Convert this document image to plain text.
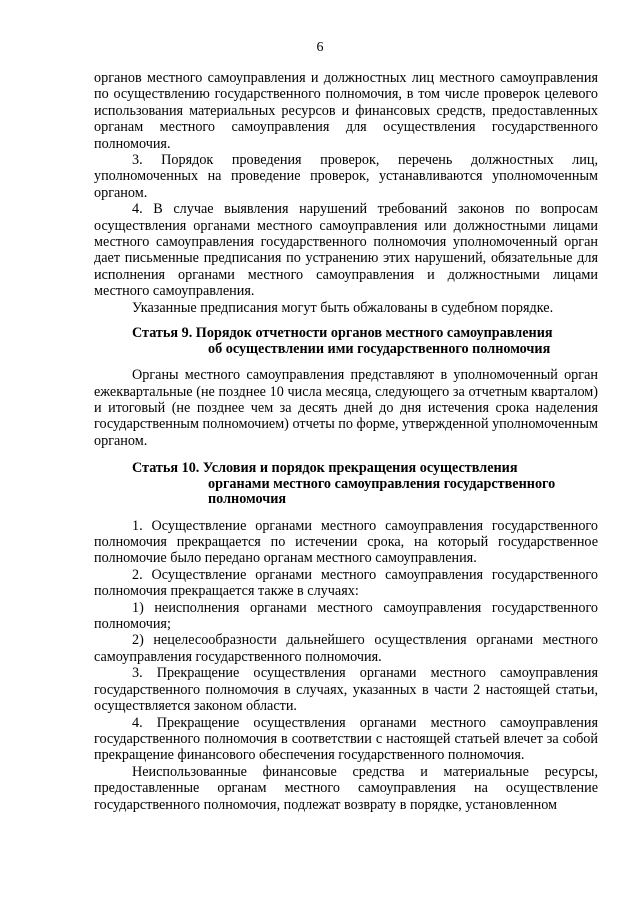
6

органов местного самоуправления и должностных лиц местного самоуправления по осуществлению государственного полномочия, в том числе проверок целевого использования материальных ресурсов и финансовых средств, предоставленных органам местного самоуправления для осуществления государственного полномочия.

3. Порядок проведения проверок, перечень должностных лиц, уполномоченных на проведение проверок, устанавливаются уполномоченным органом.

4. В случае выявления нарушений требований законов по вопросам осуществления органами местного самоуправления или должностными лицами местного самоуправления государственного полномочия уполномоченный орган дает письменные предписания по устранению этих нарушений, обязательные для исполнения органами местного самоуправления и должностными лицами местного самоуправления.

Указанные предписания могут быть обжалованы в судебном порядке.

Статья 9. Порядок отчетности органов местного самоуправления
об осуществлении ими государственного полномочия

Органы местного самоуправления представляют в уполномоченный орган ежеквартальные (не позднее 10 числа месяца, следующего за отчетным кварталом) и итоговый (не позднее чем за десять дней до дня истечения срока наделения государственным полномочием) отчеты по форме, утвержденной уполномоченным органом.

Статья 10. Условия и порядок прекращения осуществления
органами местного самоуправления государственного
полномочия

1. Осуществление органами местного самоуправления государственного полномочия прекращается по истечении срока, на который государственное полномочие было передано органам местного самоуправления.

2. Осуществление органами местного самоуправления государственного полномочия прекращается также в случаях:

1) неисполнения органами местного самоуправления государственного полномочия;

2) нецелесообразности дальнейшего осуществления органами местного самоуправления государственного полномочия.

3. Прекращение осуществления органами местного самоуправления государственного полномочия в случаях, указанных в части 2 настоящей статьи, осуществляется законом области.

4. Прекращение осуществления органами местного самоуправления государственного полномочия в соответствии с настоящей статьей влечет за собой прекращение финансового обеспечения государственного полномочия.

Неиспользованные финансовые средства и материальные ресурсы, предоставленные органам местного самоуправления на осуществление государственного полномочия, подлежат возврату в порядке, установленном
